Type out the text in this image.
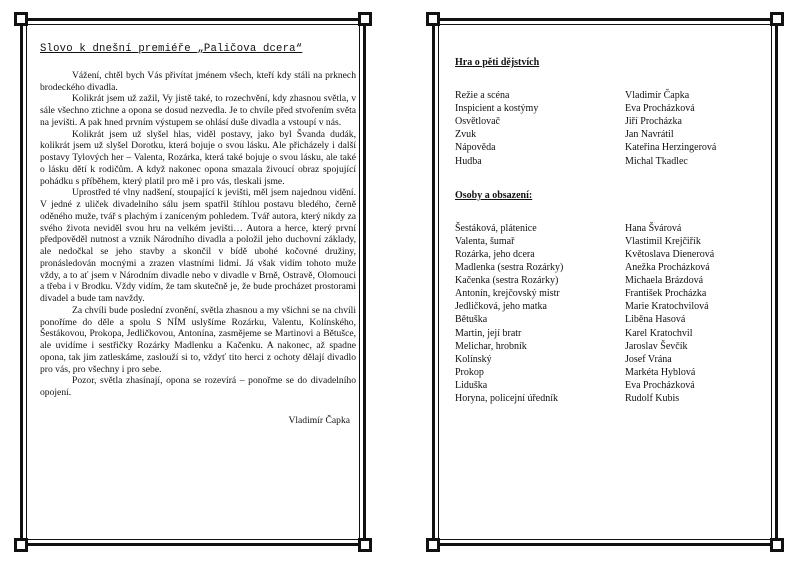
Slovo k dnešní premiéře „Paličova dcera“

Vážení, chtěl bych Vás přivítat jménem všech, kteří kdy stáli na prknech brodeckého divadla.

Kolikrát jsem už zažil, Vy jistě také, to rozechvění, kdy zhasnou světla, v sále všechno ztichne a opona se dosud nezvedla. Je to chvíle před stvořením světa na jevišti. A pak hned prvním výstupem se ohlásí duše divadla a vstoupí v nás.

Kolikrát jsem už slyšel hlas, viděl postavy, jako byl Švanda dudák, kolikrát jsem už slyšel Dorotku, která bojuje o svou lásku. Ale přicházely i další postavy Tylových her – Valenta, Rozárka, která také bojuje o svou lásku, ale také o lásku dětí k rodičům. A když nakonec opona smazala živoucí obraz spojující pohádku s příběhem, který platil pro mě i pro vás, tleskali jsme.

Uprostřed té vlny nadšení, stoupající k jevišti, měl jsem najednou vidění. V jedné z uliček divadelního sálu jsem spatřil štíhlou postavu bledého, černě oděného muže, tvář s plachým i zaníceným pohledem. Tvář autora, který nikdy za svého života neviděl svou hru na velkém jevišti… Autora a herce, který první předpověděl nutnost a vznik Národního divadla a položil jeho duchovní základy, ale nedočkal se jeho stavby a skončil v bídě ubohé kočovné družiny, pronásledován mocnými a zrazen vlastními lidmi. Já však vidím tohoto muže vždy, a to ať jsem v Národním divadle nebo v divadle v Brně, Ostravě, Olomouci a třeba i v Brodku. Vždy vidím, že tam skutečně je, že bude procházet prostorami divadel a bude tam navždy.

Za chvíli bude poslední zvonění, světla zhasnou a my všichni se na chvíli ponoříme do děle a spolu S NÍM uslyšíme Rozárku, Valentu, Kolínského, Šestákovou, Prokopa, Jedličkovou, Antonína, zasmějeme se Martinovi a Bětušce, ale uvidíme i sestřičky Rozárky Madlenku a Kačenku. A nakonec, až spadne opona, tak jim zatleskáme, zaslouží si to, vždyť tito herci z ochoty dělají divadlo pro vás, pro všechny i pro sebe.

Pozor, světla zhasínají, opona se rozevírá – ponořme se do divadelního opojení.

Vladimír Čapka
Hra o pěti dějstvích
Režie a scéna	Vladimír Čapka
Inspicient a kostýmy	Eva Procházková
Osvětlovač	Jiří Procházka
Zvuk	Jan Navrátil
Nápověda	Kateřina Herzingerová
Hudba	Michal Tkadlec
Osoby a obsazení:
Šestáková, plátenice	Hana Švárová
Valenta, šumař	Vlastimil Krejčiřík
Rozárka, jeho dcera	Květoslava Dienerová
Madlenka (sestra Rozárky)	Anežka Procházková
Kačenka (sestra Rozárky)	Michaela Brázdová
Antonín, krejčovský mistr	František Procházka
Jedličková, jeho matka	Marie Kratochvilová
Bětuška	Liběna Hasová
Martin, její bratr	Karel Kratochvil
Melichar, hrobník	Jaroslav Ševčík
Kolínský	Josef Vrána
Prokop	Markéta Hyblová
Liduška	Eva Procházková
Horyna, policejní úředník	Rudolf Kubis
